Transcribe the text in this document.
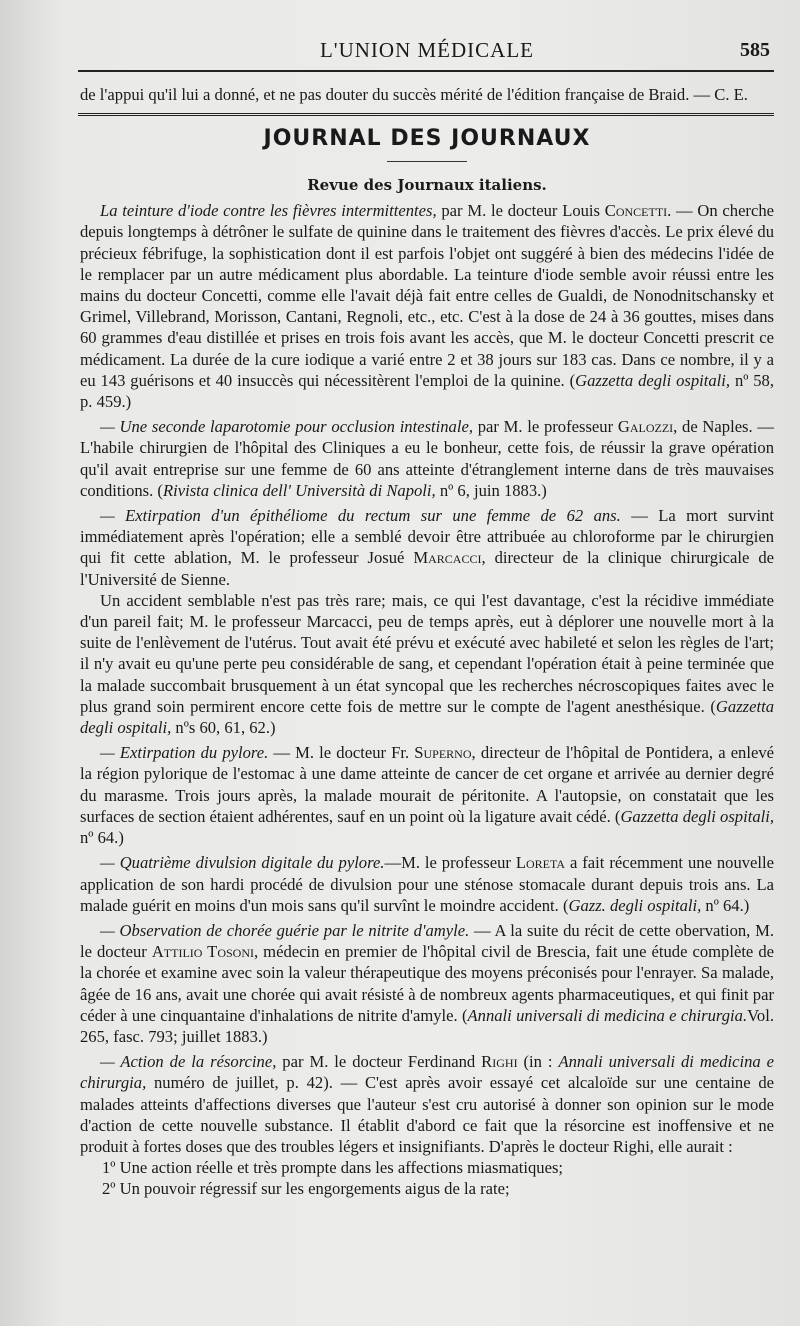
L'UNION MÉDICALE	585

de l'appui qu'il lui a donné, et ne pas douter du succès mérité de l'édition française de Braid. — C. E.

JOURNAL DES JOURNAUX
Revue des Journaux italiens.

La teinture d'iode contre les fièvres intermittentes, par M. le docteur Louis Concetti. — On cherche depuis longtemps à détrôner le sulfate de quinine dans le traitement des fièvres d'accès. Le prix élevé du précieux fébrifuge, la sophistication dont il est parfois l'objet ont suggéré à bien des médecins l'idée de le remplacer par un autre médicament plus abordable. La teinture d'iode semble avoir réussi entre les mains du docteur Concetti, comme elle l'avait déjà fait entre celles de Gualdi, de Nonodnitschansky et Grimel, Villebrand, Morisson, Cantani, Regnoli, etc., etc. C'est à la dose de 24 à 36 gouttes, mises dans 60 grammes d'eau distillée et prises en trois fois avant les accès, que M. le docteur Concetti prescrit ce médicament. La durée de la cure iodique a varié entre 2 et 38 jours sur 183 cas. Dans ce nombre, il y a eu 143 guérisons et 40 insuccès qui nécessitèrent l'emploi de la quinine. (Gazzetta degli ospitali, nº 58, p. 459.)

— Une seconde laparotomie pour occlusion intestinale, par M. le professeur Galozzi, de Naples. — L'habile chirurgien de l'hôpital des Cliniques a eu le bonheur, cette fois, de réussir la grave opération qu'il avait entreprise sur une femme de 60 ans atteinte d'étranglement interne dans de très mauvaises conditions. (Rivista clinica dell' Università di Napoli, nº 6, juin 1883.)

— Extirpation d'un épithéliome du rectum sur une femme de 62 ans. — La mort survint immédiatement après l'opération; elle a semblé devoir être attribuée au chloroforme par le chirurgien qui fit cette ablation, M. le professeur Josué Marcacci, directeur de la clinique chirurgicale de l'Université de Sienne.

Un accident semblable n'est pas très rare; mais, ce qui l'est davantage, c'est la récidive immédiate d'un pareil fait; M. le professeur Marcacci, peu de temps après, eut à déplorer une nouvelle mort à la suite de l'enlèvement de l'utérus. Tout avait été prévu et exécuté avec habileté et selon les règles de l'art; il n'y avait eu qu'une perte peu considérable de sang, et cependant l'opération était à peine terminée que la malade succombait brusquement à un état syncopal que les recherches nécroscopiques faites avec le plus grand soin permirent encore cette fois de mettre sur le compte de l'agent anesthésique. (Gazzetta degli ospitali, nºs 60, 61, 62.)

— Extirpation du pylore. — M. le docteur Fr. Superno, directeur de l'hôpital de Pontidera, a enlevé la région pylorique de l'estomac à une dame atteinte de cancer de cet organe et arrivée au dernier degré du marasme. Trois jours après, la malade mourait de péritonite. A l'autopsie, on constatait que les surfaces de section étaient adhérentes, sauf en un point où la ligature avait cédé. (Gazzetta degli ospitali, nº 64.)

— Quatrième divulsion digitale du pylore.—M. le professeur Loreta a fait récemment une nouvelle application de son hardi procédé de divulsion pour une sténose stomacale durant depuis trois ans. La malade guérit en moins d'un mois sans qu'il survînt le moindre accident. (Gazz. degli ospitali, nº 64.)

— Observation de chorée guérie par le nitrite d'amyle. — A la suite du récit de cette obervation, M. le docteur Attilio Tosoni, médecin en premier de l'hôpital civil de Brescia, fait une étude complète de la chorée et examine avec soin la valeur thérapeutique des moyens préconisés pour l'enrayer. Sa malade, âgée de 16 ans, avait une chorée qui avait résisté à de nombreux agents pharmaceutiques, et qui finit par céder à une cinquantaine d'inhalations de nitrite d'amyle. (Annali universali di medicina e chirurgia.Vol. 265, fasc. 793; juillet 1883.)

— Action de la résorcine, par M. le docteur Ferdinand Righi (in : Annali universali di medicina e chirurgia, numéro de juillet, p. 42). — C'est après avoir essayé cet alcaloïde sur une centaine de malades atteints d'affections diverses que l'auteur s'est cru autorisé à donner son opinion sur le mode d'action de cette nouvelle substance. Il établit d'abord ce fait que la résorcine est inoffensive et ne produit à fortes doses que des troubles légers et insignifiants. D'après le docteur Righi, elle aurait :

1º Une action réelle et très prompte dans les affections miasmatiques;

2º Un pouvoir régressif sur les engorgements aigus de la rate;
